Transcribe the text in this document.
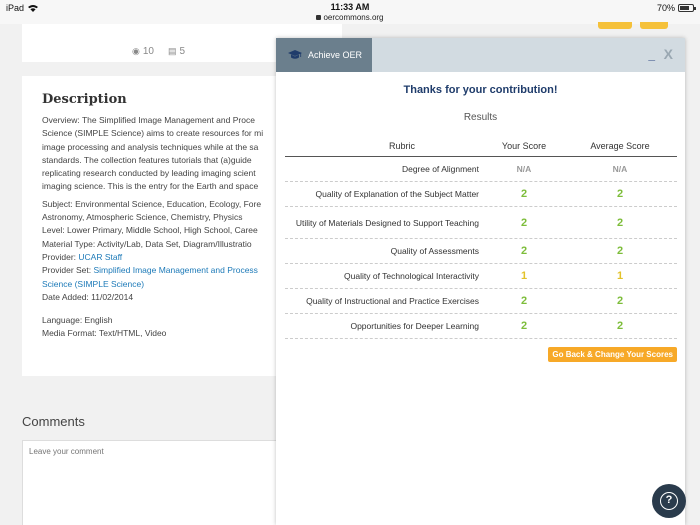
iPad	11:33 AM
oercommons.org
70%
◉ 10 ▤ 5
Description
Overview: The Simplified Image Management and Proce
Science (SIMPLE Science) aims to create resources for mi
image processing and analysis techniques while at the sa
standards. The collection features tutorials that (a)guide
replicating research conducted by leading imaging scient
imaging science. This is the entry for the Earth and space
Subject: Environmental Science, Education, Ecology, Fore
Astronomy, Atmospheric Science, Chemistry, Physics
Level: Lower Primary, Middle School, High School, Caree
Material Type: Activity/Lab, Data Set, Diagram/Illustratio
Provider: UCAR Staff
Provider Set: Simplified Image Management and Process
Science (SIMPLE Science)
Date Added: 11/02/2014
Language: English
Media Format: Text/HTML, Video
Comments
Leave your comment
Achieve OER	_ X
Thanks for your contribution!
Results
Rubric	Your Score	Average Score
Degree of Alignment	N/A	N/A
Quality of Explanation of the Subject Matter	2	2
Utility of Materials Designed to Support Teaching	2	2
Quality of Assessments	2	2
Quality of Technological Interactivity	1	1
Quality of Instructional and Practice Exercises	2	2
Opportunities for Deeper Learning	2	2
Go Back & Change Your Scores
?
